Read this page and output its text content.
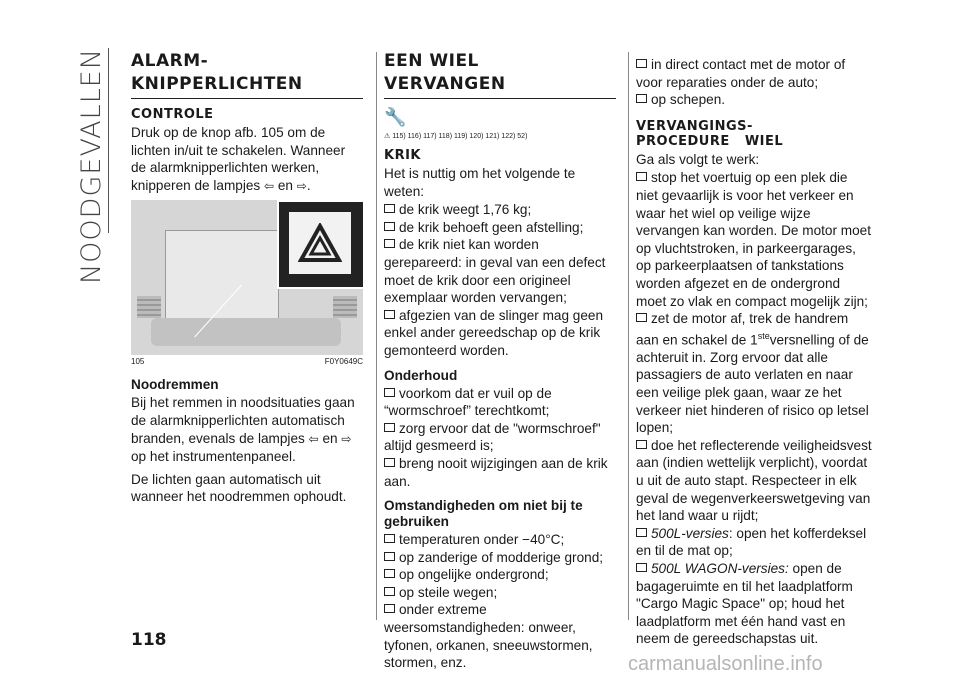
NOODGEVALLEN ALARM-
KNIPPERLICHTEN
CONTROLE

Druk op de knop afb. 105 om de lichten in/uit te schakelen. Wanneer de alarmknipperlichten werken, knipperen de lampjes ⇦ en ⇨.

105	F0Y0649C
Noodremmen

Bij het remmen in noodsituaties gaan de alarmknipperlichten automatisch branden, evenals de lampjes ⇦ en ⇨ op het instrumentenpaneel.

De lichten gaan automatisch uit wanneer het noodremmen ophoudt.

EEN WIEL
VERVANGEN
🔧
⚠ 115) 116) 117) 118) 119) 120) 121) 122) 52)
KRIK

Het is nuttig om het volgende te weten:

de krik weegt 1,76 kg;
de krik behoeft geen afstelling;
de krik niet kan worden gerepareerd: in geval van een defect moet de krik door een origineel exemplaar worden vervangen;
afgezien van de slinger mag geen enkel ander gereedschap op de krik gemonteerd worden.
Onderhoud
voorkom dat er vuil op de “wormschroef” terechtkomt;
zorg ervoor dat de "wormschroef" altijd gesmeerd is;
breng nooit wijzigingen aan de krik aan.
Omstandigheden om niet bij te gebruiken
temperaturen onder −40°C;
op zanderige of modderige grond;
op ongelijke ondergrond;
op steile wegen;
onder extreme weersomstandigheden: onweer, tyfonen, orkanen, sneeuwstormen, stormen, enz.
in direct contact met de motor of voor reparaties onder de auto;
op schepen.
VERVANGINGS-
PROCEDURE   WIEL

Ga als volgt te werk:

stop het voertuig op een plek die niet gevaarlijk is voor het verkeer en waar het wiel op veilige wijze vervangen kan worden. De motor moet op vluchtstroken, in parkeergarages, op parkeerplaatsen of tankstations worden afgezet en de ondergrond moet zo vlak en compact mogelijk zijn;
zet de motor af, trek de handrem aan en schakel de 1steversnelling of de achteruit in. Zorg ervoor dat alle passagiers de auto verlaten en naar een veilige plek gaan, waar ze het verkeer niet hinderen of risico op letsel lopen;
doe het reflecterende veiligheidsvest aan (indien wettelijk verplicht), voordat u uit de auto stapt. Respecteer in elk geval de wegenverkeerswetgeving van het land waar u rijdt;
500L-versies: open het kofferdeksel en til de mat op;
500L WAGON-versies: open de bagageruimte en til het laadplatform "Cargo Magic Space" op; houd het laadplatform met één hand vast en neem de gereedschapstas uit.
118
carmanualsonline.info
